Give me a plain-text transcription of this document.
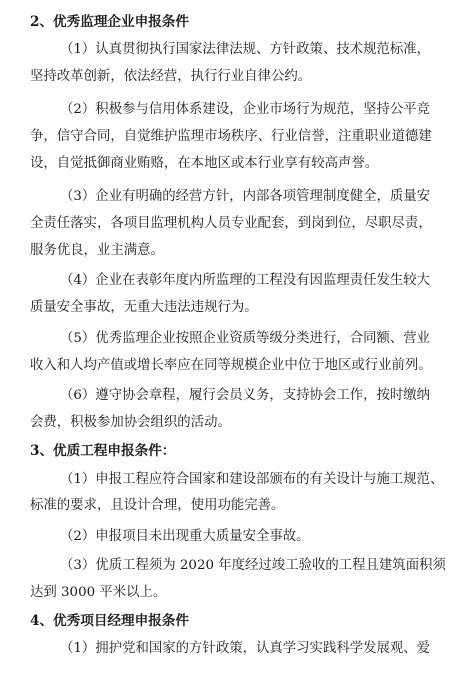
2、优秀监理企业申报条件
（1）认真贯彻执行国家法律法规、方针政策、技术规范标准，
坚持改革创新，依法经营，执行行业自律公约。
（2）积极参与信用体系建设，企业市场行为规范，坚持公平竞
争，信守合同，自觉维护监理市场秩序、行业信誉，注重职业道德建
设，自觉抵御商业贿赂，在本地区或本行业享有较高声誉。
（3）企业有明确的经营方针，内部各项管理制度健全，质量安
全责任落实，各项目监理机构人员专业配套，到岗到位，尽职尽责，
服务优良，业主满意。
（4）企业在表彰年度内所监理的工程没有因监理责任发生较大
质量安全事故，无重大违法违规行为。
（5）优秀监理企业按照企业资质等级分类进行，合同额、营业
收入和人均产值或增长率应在同等规模企业中位于地区或行业前列。
（6）遵守协会章程，履行会员义务，支持协会工作，按时缴纳
会费，积极参加协会组织的活动。
3、优质工程申报条件：
（1）申报工程应符合国家和建设部颁布的有关设计与施工规范、
标准的要求，且设计合理，使用功能完善。
（2）申报项目未出现重大质量安全事故。
（3）优质工程须为 2020 年度经过竣工验收的工程且建筑面积须
达到 3000 平米以上。
4、优秀项目经理申报条件
（1）拥护党和国家的方针政策，认真学习实践科学发展观、爱
